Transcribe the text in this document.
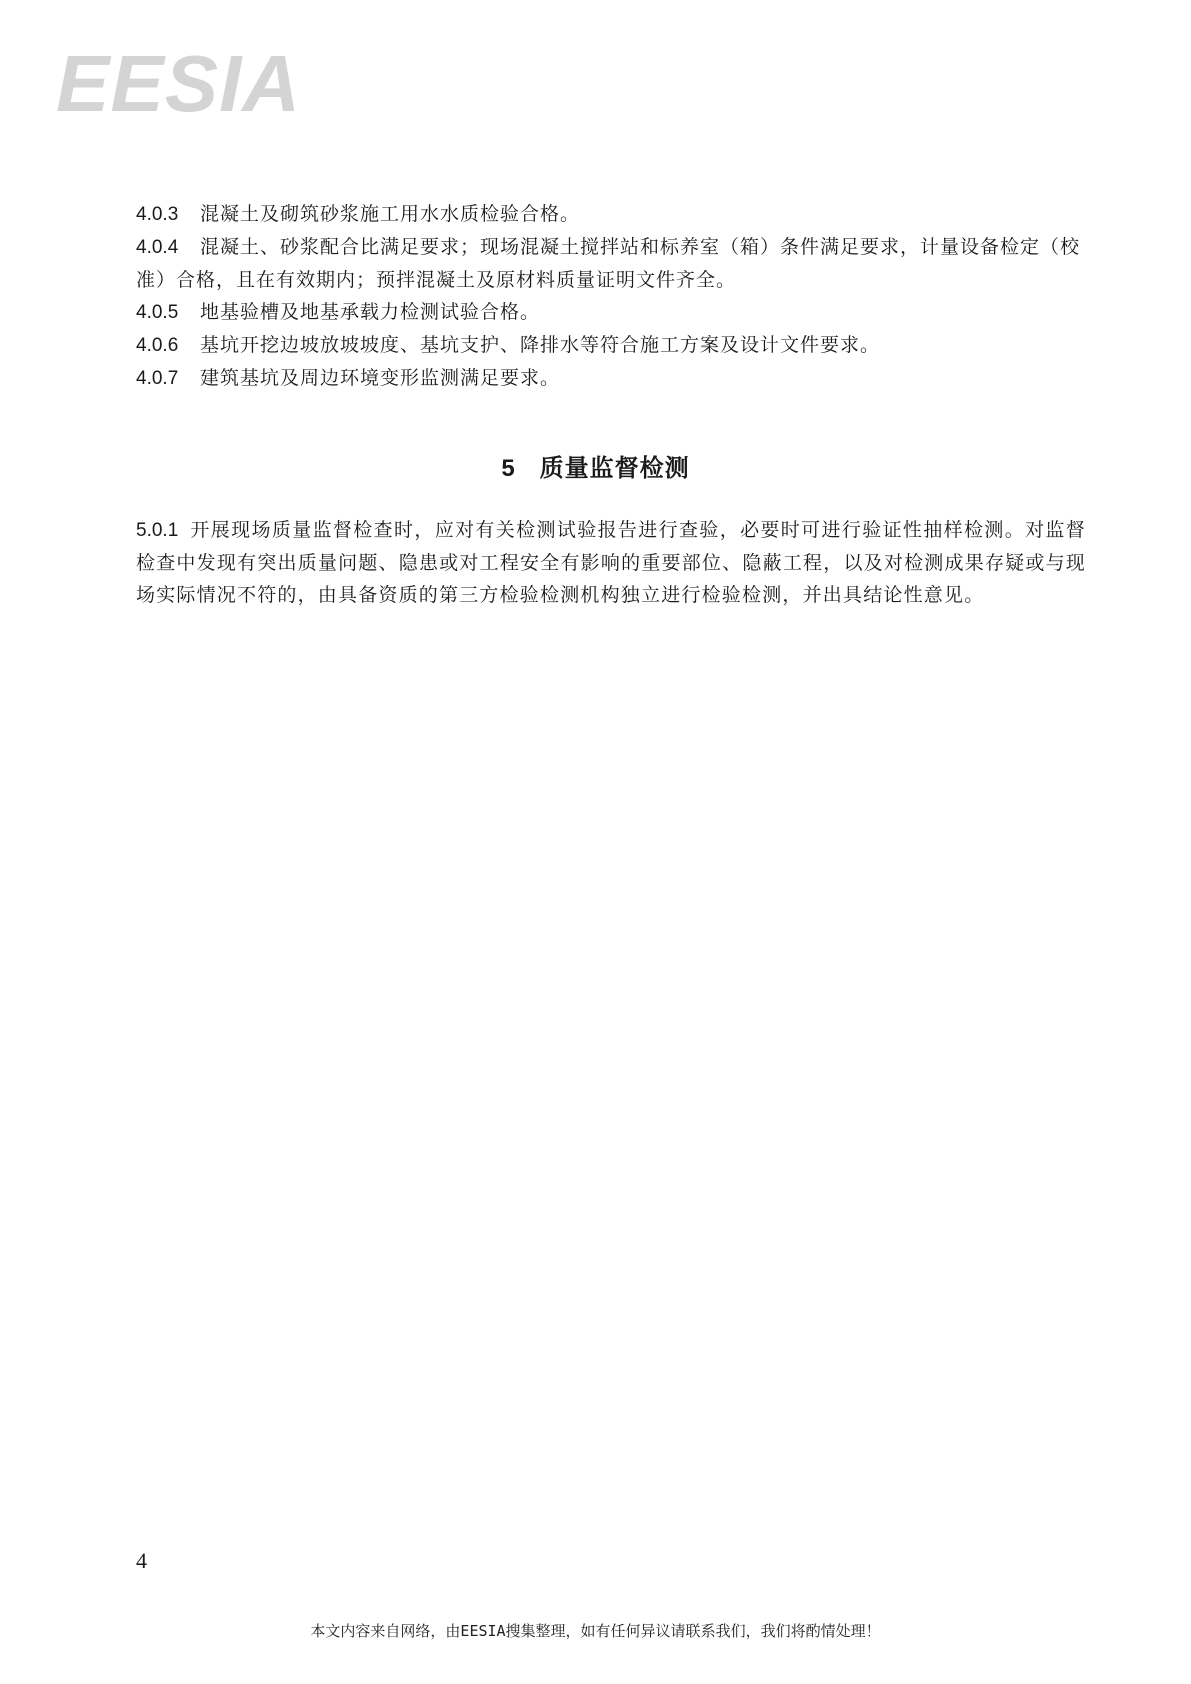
EESIA

4.0.3 混凝土及砌筑砂浆施工用水水质检验合格。

4.0.4 混凝土、砂浆配合比满足要求；现场混凝土搅拌站和标养室（箱）条件满足要求，计量设备检定（校准）合格，且在有效期内；预拌混凝土及原材料质量证明文件齐全。

4.0.5 地基验槽及地基承载力检测试验合格。

4.0.6 基坑开挖边坡放坡坡度、基坑支护、降排水等符合施工方案及设计文件要求。

4.0.7 建筑基坑及周边环境变形监测满足要求。

5 质量监督检测

5.0.1 开展现场质量监督检查时，应对有关检测试验报告进行查验，必要时可进行验证性抽样检测。对监督检查中发现有突出质量问题、隐患或对工程安全有影响的重要部位、隐蔽工程，以及对检测成果存疑或与现场实际情况不符的，由具备资质的第三方检验检测机构独立进行检验检测，并出具结论性意见。

4
本文内容来自网络，由EESIA搜集整理，如有任何异议请联系我们，我们将酌情处理！
